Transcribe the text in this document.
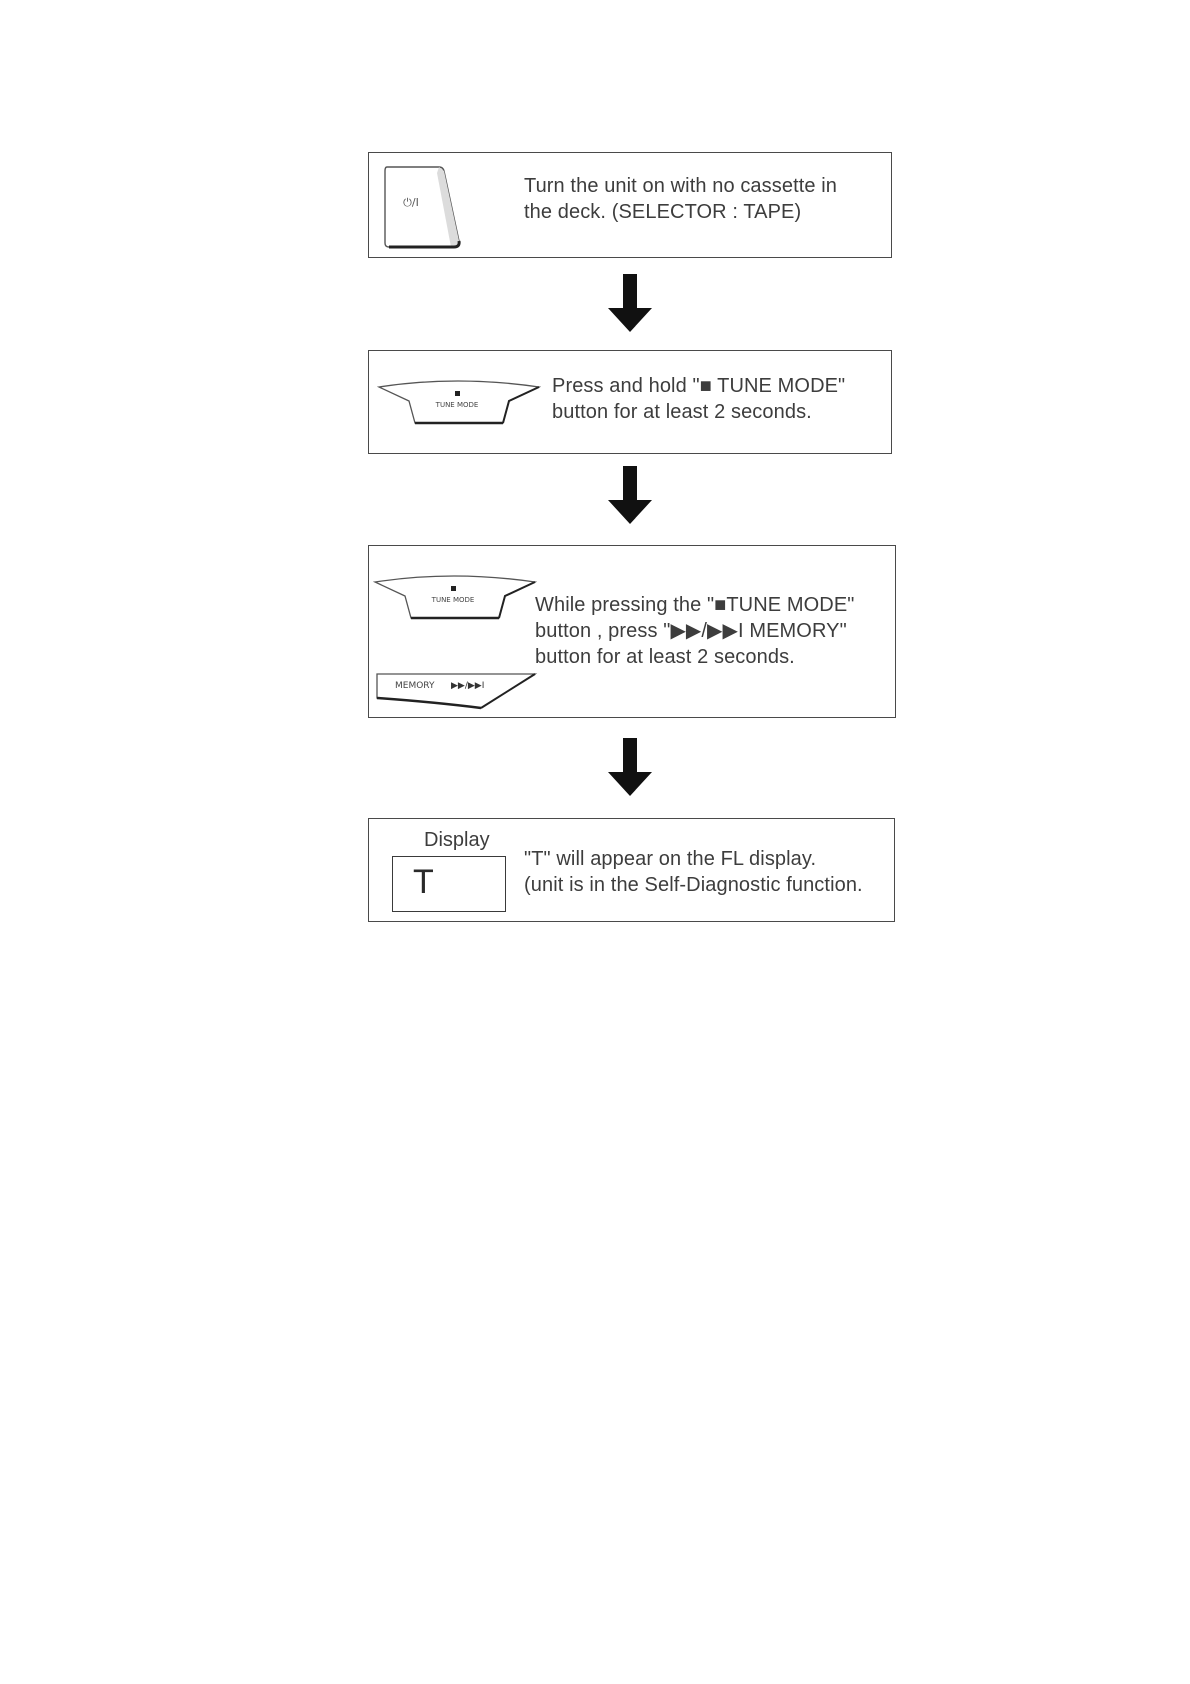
⏻/I
Turn the unit on with no cassette in
the deck. (SELECTOR : TAPE)
TUNE MODE
Press and hold "■ TUNE MODE"
button for at least 2 seconds.
TUNE MODE
MEMORY ▶▶/▶▶I
While pressing the "■TUNE MODE"
button , press "▶▶/▶▶I MEMORY"
button for at least 2 seconds.
Display
T
"T" will appear on the FL display.
(unit is in the Self-Diagnostic function.
